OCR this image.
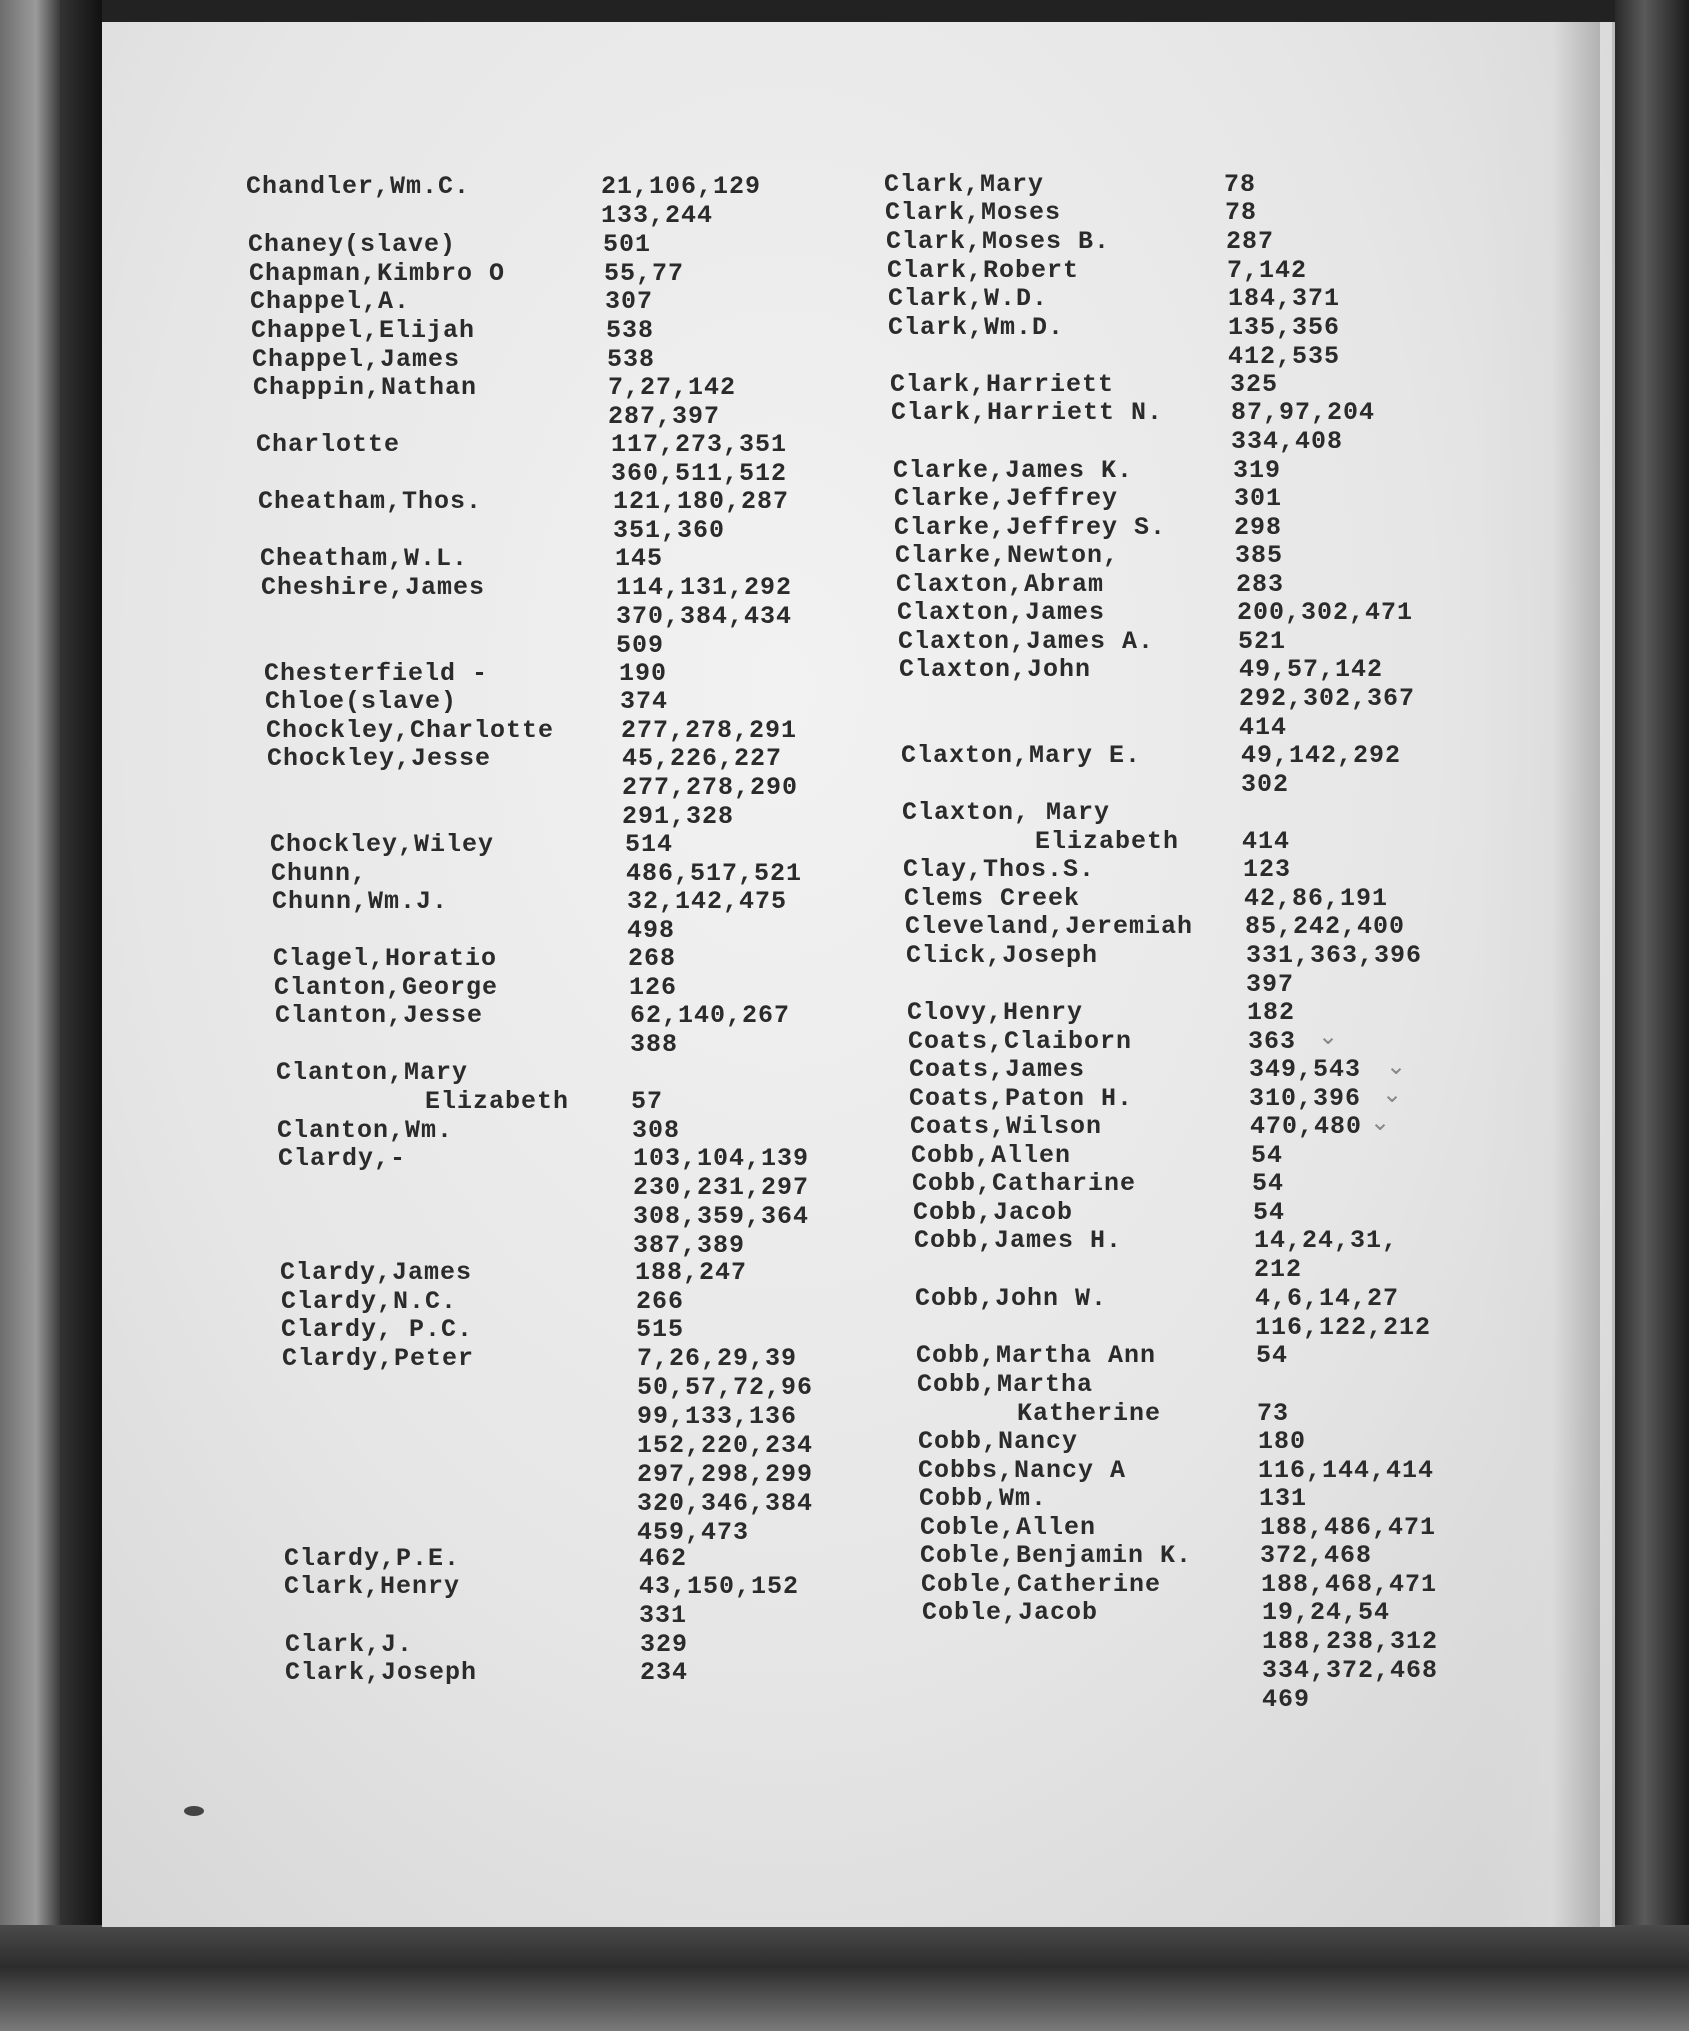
Chandler,Wm.C.	21,106,129
133,244
Chaney(slave)	501
Chapman,Kimbro O	55,77
Chappel,A.	307
Chappel,Elijah	538
Chappel,James	538
Chappin,Nathan	7,27,142
287,397
Charlotte	117,273,351
360,511,512
Cheatham,Thos.	121,180,287
351,360
Cheatham,W.L.	145
Cheshire,James	114,131,292
370,384,434
509
Chesterfield -	190
Chloe(slave)	374
Chockley,Charlotte	277,278,291
Chockley,Jesse	45,226,227
277,278,290
291,328
Chockley,Wiley	514
Chunn,	486,517,521
Chunn,Wm.J.	32,142,475
498
Clagel,Horatio	268
Clanton,George	126
Clanton,Jesse	62,140,267
388
Clanton,Mary
Elizabeth 57
Clanton,Wm.	308
Clardy,-	103,104,139
230,231,297
308,359,364
387,389
Clardy,James	188,247
Clardy,N.C.	266
Clardy, P.C.	515
Clardy,Peter	7,26,29,39
50,57,72,96
99,133,136
152,220,234
297,298,299
320,346,384
459,473
Clardy,P.E.	462
Clark,Henry	43,150,152
331
Clark,J.	329
Clark,Joseph	234
Clark,Mary	78
Clark,Moses	78
Clark,Moses B.	287
Clark,Robert	7,142
Clark,W.D.	184,371
Clark,Wm.D.	135,356
412,535
Clark,Harriett	325
Clark,Harriett N.	87,97,204
334,408
Clarke,James K.	319
Clarke,Jeffrey	301
Clarke,Jeffrey S.	298
Clarke,Newton,	385
Claxton,Abram	283
Claxton,James	200,302,471
Claxton,James A.	521
Claxton,John	49,57,142
292,302,367
414
Claxton,Mary E.	49,142,292
302
Claxton, Mary
Elizabeth	414
Clay,Thos.S.	123
Clems Creek	42,86,191
Cleveland,Jeremiah 85,242,400
Click,Joseph	331,363,396
397
Clovy,Henry	182
Coats,Claiborn	363
Coats,James	349,543
Coats,Paton H.	310,396
Coats,Wilson	470,480
Cobb,Allen	54
Cobb,Catharine	54
Cobb,Jacob	54
Cobb,James H.	14,24,31,
212
Cobb,John W.	4,6,14,27
116,122,212
Cobb,Martha Ann	54
Cobb,Martha
Katherine	73
Cobb,Nancy	180
Cobbs,Nancy A	116,144,414
Cobb,Wm.	131
Coble,Allen	188,486,471
Coble,Benjamin K.	372,468
Coble,Catherine	188,468,471
Coble,Jacob	19,24,54
188,238,312
334,372,468
469
⌄
⌄
⌄
⌄
